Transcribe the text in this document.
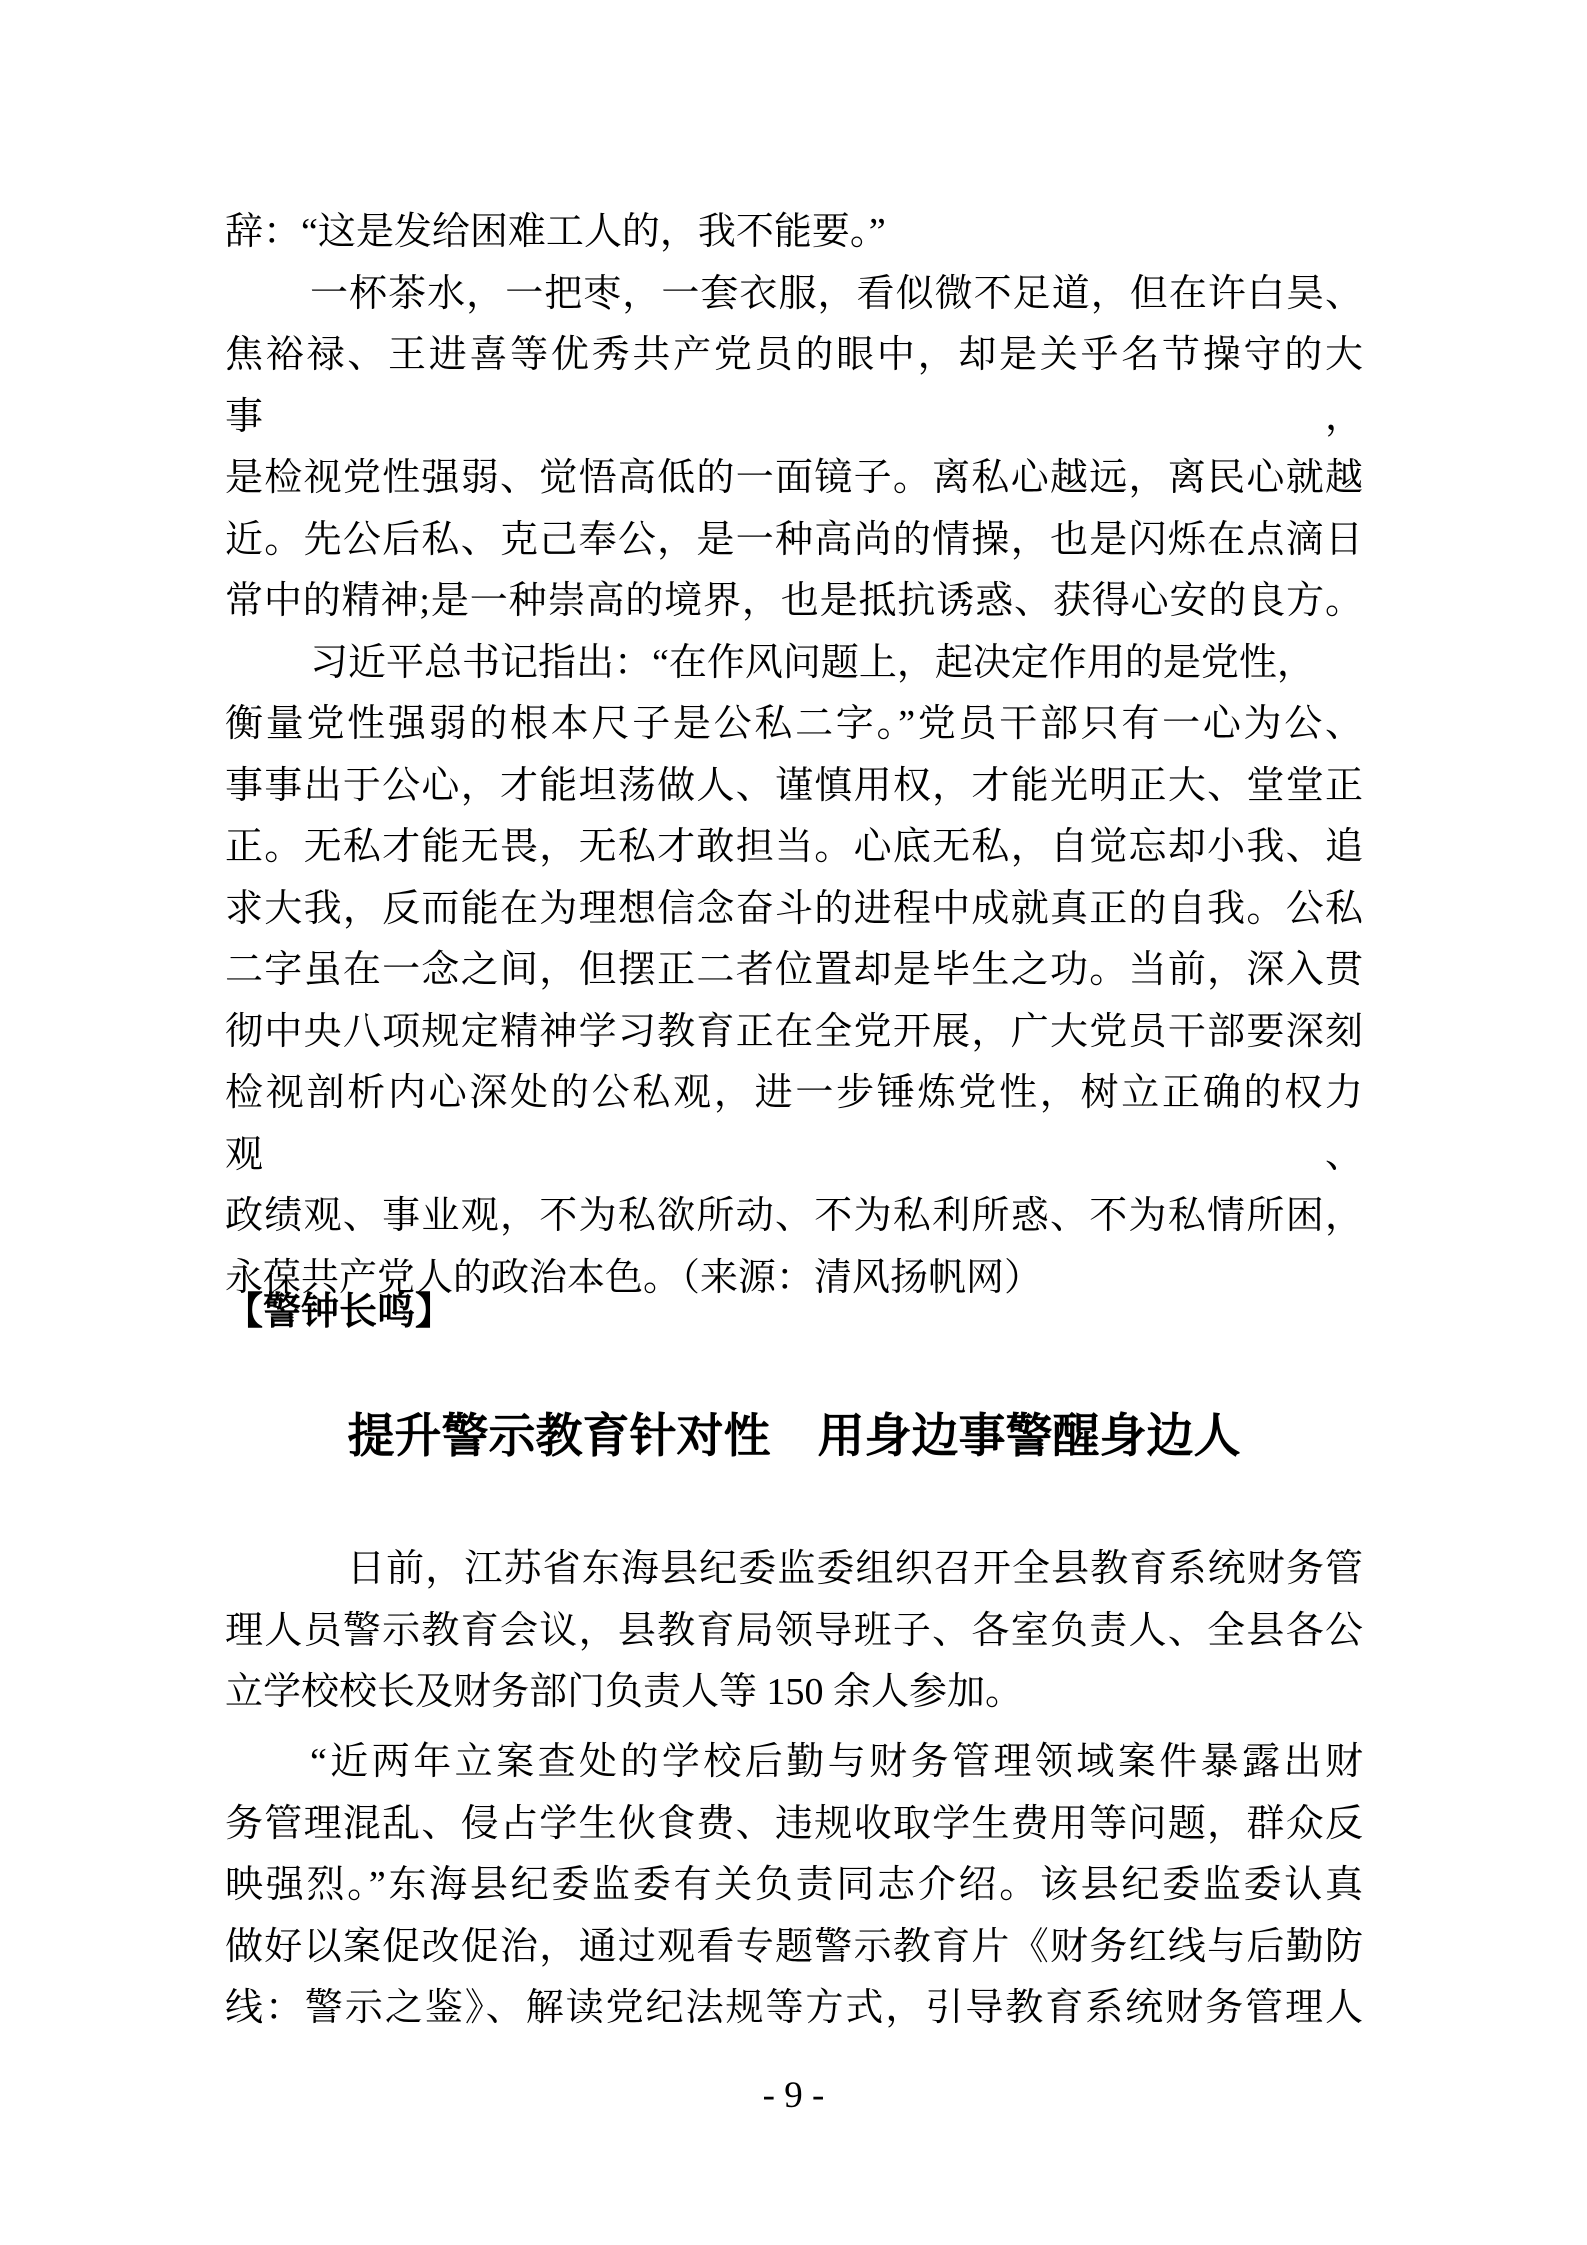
辞：“这是发给困难工人的，我不能要。”
一杯茶水，一把枣，一套衣服，看似微不足道，但在许白昊、
焦裕禄、王进喜等优秀共产党员的眼中，却是关乎名节操守的大事，
是检视党性强弱、觉悟高低的一面镜子。离私心越远，离民心就越
近。先公后私、克己奉公，是一种高尚的情操，也是闪烁在点滴日
常中的精神;是一种崇高的境界，也是抵抗诱惑、获得心安的良方。
习近平总书记指出：“在作风问题上，起决定作用的是党性，
衡量党性强弱的根本尺子是公私二字。”党员干部只有一心为公、
事事出于公心，才能坦荡做人、谨慎用权，才能光明正大、堂堂正
正。无私才能无畏，无私才敢担当。心底无私，自觉忘却小我、追
求大我，反而能在为理想信念奋斗的进程中成就真正的自我。公私
二字虽在一念之间，但摆正二者位置却是毕生之功。当前，深入贯
彻中央八项规定精神学习教育正在全党开展，广大党员干部要深刻
检视剖析内心深处的公私观，进一步锤炼党性，树立正确的权力观、
政绩观、事业观，不为私欲所动、不为私利所惑、不为私情所困，
永葆共产党人的政治本色。（来源：清风扬帆网）
【警钟长鸣】
提升警示教育针对性　用身边事警醒身边人
日前，江苏省东海县纪委监委组织召开全县教育系统财务管
理人员警示教育会议，县教育局领导班子、各室负责人、全县各公
立学校校长及财务部门负责人等 150 余人参加。
“近两年立案查处的学校后勤与财务管理领域案件暴露出财
务管理混乱、侵占学生伙食费、违规收取学生费用等问题，群众反
映强烈。”东海县纪委监委有关负责同志介绍。该县纪委监委认真
做好以案促改促治，通过观看专题警示教育片《财务红线与后勤防
线：警示之鉴》、解读党纪法规等方式，引导教育系统财务管理人
- 9 -
